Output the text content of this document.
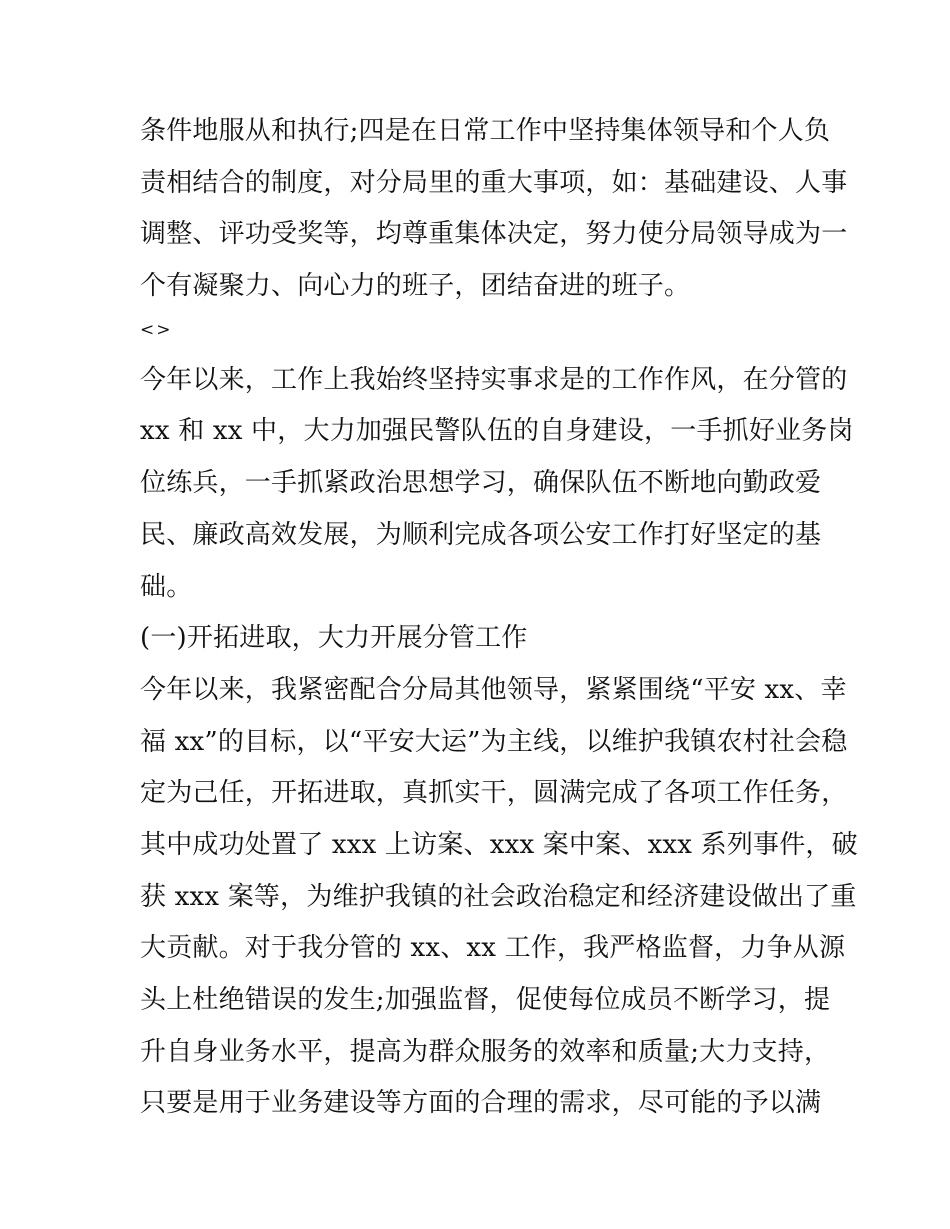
条件地服从和执行;四是在日常工作中坚持集体领导和个人负
责相结合的制度，对分局里的重大事项，如：基础建设、人事
调整、评功受奖等，均尊重集体决定，努力使分局领导成为一
个有凝聚力、向心力的班子，团结奋进的班子。
<>
今年以来，工作上我始终坚持实事求是的工作作风，在分管的
xx 和 xx 中，大力加强民警队伍的自身建设，一手抓好业务岗
位练兵，一手抓紧政治思想学习，确保队伍不断地向勤政爱
民、廉政高效发展，为顺利完成各项公安工作打好坚定的基
础。
(一)开拓进取，大力开展分管工作
今年以来，我紧密配合分局其他领导，紧紧围绕“平安 xx、幸
福 xx”的目标，以“平安大运”为主线，以维护我镇农村社会稳
定为己任，开拓进取，真抓实干，圆满完成了各项工作任务，
其中成功处置了 xxx 上访案、xxx 案中案、xxx 系列事件，破
获 xxx 案等，为维护我镇的社会政治稳定和经济建设做出了重
大贡献。对于我分管的 xx、xx 工作，我严格监督，力争从源
头上杜绝错误的发生;加强监督，促使每位成员不断学习，提
升自身业务水平，提高为群众服务的效率和质量;大力支持，
只要是用于业务建设等方面的合理的需求，尽可能的予以满
